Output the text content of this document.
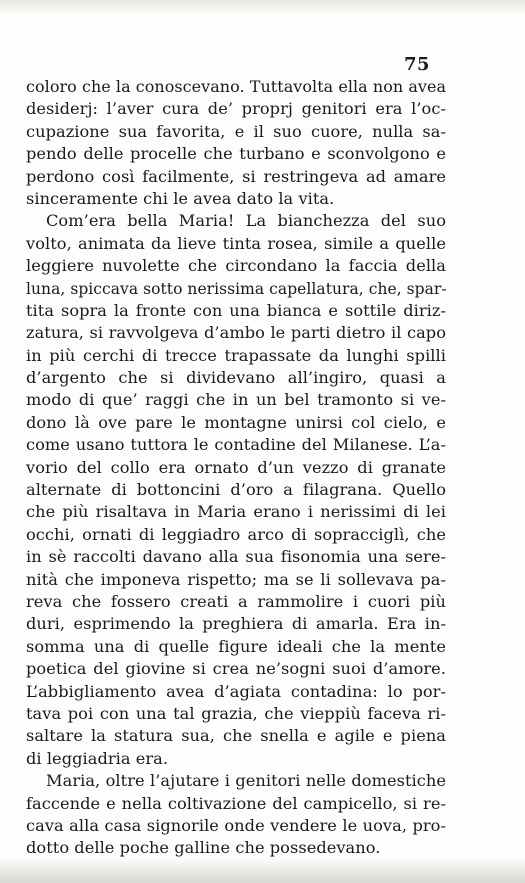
75
coloro che la conoscevano. Tuttavolta ella non avea
desiderj: l’aver cura de’ proprj genitori era l’oc-
cupazione sua favorita, e il suo cuore, nulla sa-
pendo delle procelle che turbano e sconvolgono e
perdono così facilmente, si restringeva ad amare
sinceramente chi le avea dato la vita.
Com’era bella Maria! La bianchezza del suo
volto, animata da lieve tinta rosea, simile a quelle
leggiere nuvolette che circondano la faccia della
luna, spiccava sotto nerissima capellatura, che, spar-
tita sopra la fronte con una bianca e sottile diriz-
zatura, si ravvolgeva d’ambo le parti dietro il capo
in più cerchi di trecce trapassate da lunghi spilli
d’argento che si dividevano all’ingiro, quasi a
modo di que’ raggi che in un bel tramonto si ve-
dono là ove pare le montagne unirsi col cielo, e
come usano tuttora le contadine del Milanese. L’a-
vorio del collo era ornato d’un vezzo di granate
alternate di bottoncini d’oro a filagrana. Quello
che più risaltava in Maria erano i nerissimi di lei
occhi, ornati di leggiadro arco di sopracciglì, che
in sè raccolti davano alla sua fisonomia una sere-
nità che imponeva rispetto; ma se li sollevava pa-
reva che fossero creati a rammolire i cuori più
duri, esprimendo la preghiera di amarla. Era in-
somma una di quelle figure ideali che la mente
poetica del giovine si crea ne’sogni suoi d’amore.
L’abbigliamento avea d’agiata contadina: lo por-
tava poi con una tal grazia, che vieppiù faceva ri-
saltare la statura sua, che snella e agile e piena
di leggiadria era.
Maria, oltre l’ajutare i genitori nelle domestiche
faccende e nella coltivazione del campicello, si re-
cava alla casa signorile onde vendere le uova, pro-
dotto delle poche galline che possedevano.
